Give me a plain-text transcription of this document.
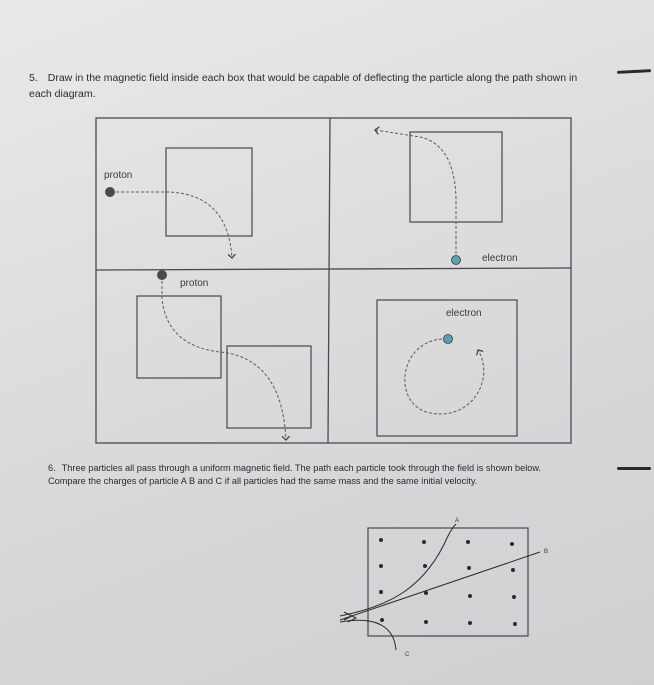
5. Draw in the magnetic field inside each box that would be capable of deflecting the particle along the path shown in each diagram.
proton
electron
proton
electron
A
B
C
6. Three particles all pass through a uniform magnetic field. The path each particle took through the field is shown below. Compare the charges of particle A B and C if all particles had the same mass and the same initial velocity.
